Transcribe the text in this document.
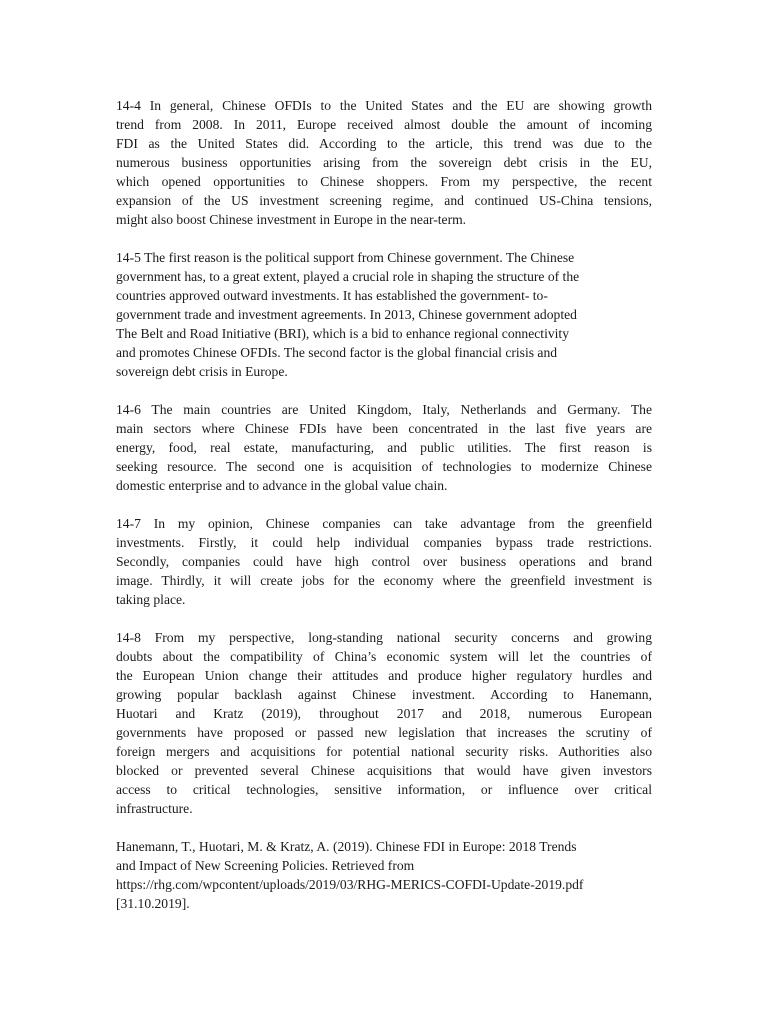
14-4 In general, Chinese OFDIs to the United States and the EU are showing growth
trend from 2008. In 2011, Europe received almost double the amount of incoming
FDI as the United States did. According to the article, this trend was due to the
numerous business opportunities arising from the sovereign debt crisis in the EU,
which opened opportunities to Chinese shoppers. From my perspective, the recent
expansion of the US investment screening regime, and continued US-China tensions,
might also boost Chinese investment in Europe in the near-term.
14-5 The first reason is the political support from Chinese government. The Chinese
government has, to a great extent, played a crucial role in shaping the structure of the
countries approved outward investments. It has established the government- to-
government trade and investment agreements. In 2013, Chinese government adopted
The Belt and Road Initiative (BRI), which is a bid to enhance regional connectivity
and promotes Chinese OFDIs. The second factor is the global financial crisis and
sovereign debt crisis in Europe.
14-6 The main countries are United Kingdom, Italy, Netherlands and Germany. The
main sectors where Chinese FDIs have been concentrated in the last five years are
energy, food, real estate, manufacturing, and public utilities. The first reason is
seeking resource. The second one is acquisition of technologies to modernize Chinese
domestic enterprise and to advance in the global value chain.
14-7 In my opinion, Chinese companies can take advantage from the greenfield
investments. Firstly, it could help individual companies bypass trade restrictions.
Secondly, companies could have high control over business operations and brand
image. Thirdly, it will create jobs for the economy where the greenfield investment is
taking place.
14-8 From my perspective, long-standing national security concerns and growing
doubts about the compatibility of China’s economic system will let the countries of
the European Union change their attitudes and produce higher regulatory hurdles and
growing popular backlash against Chinese investment. According to Hanemann,
Huotari and Kratz (2019), throughout 2017 and 2018, numerous European
governments have proposed or passed new legislation that increases the scrutiny of
foreign mergers and acquisitions for potential national security risks. Authorities also
blocked or prevented several Chinese acquisitions that would have given investors
access to critical technologies, sensitive information, or influence over critical
infrastructure.
Hanemann, T., Huotari, M. & Kratz, A. (2019). Chinese FDI in Europe: 2018 Trends
and Impact of New Screening Policies. Retrieved from
https://rhg.com/wpcontent/uploads/2019/03/RHG-MERICS-COFDI-Update-2019.pdf
[31.10.2019].
